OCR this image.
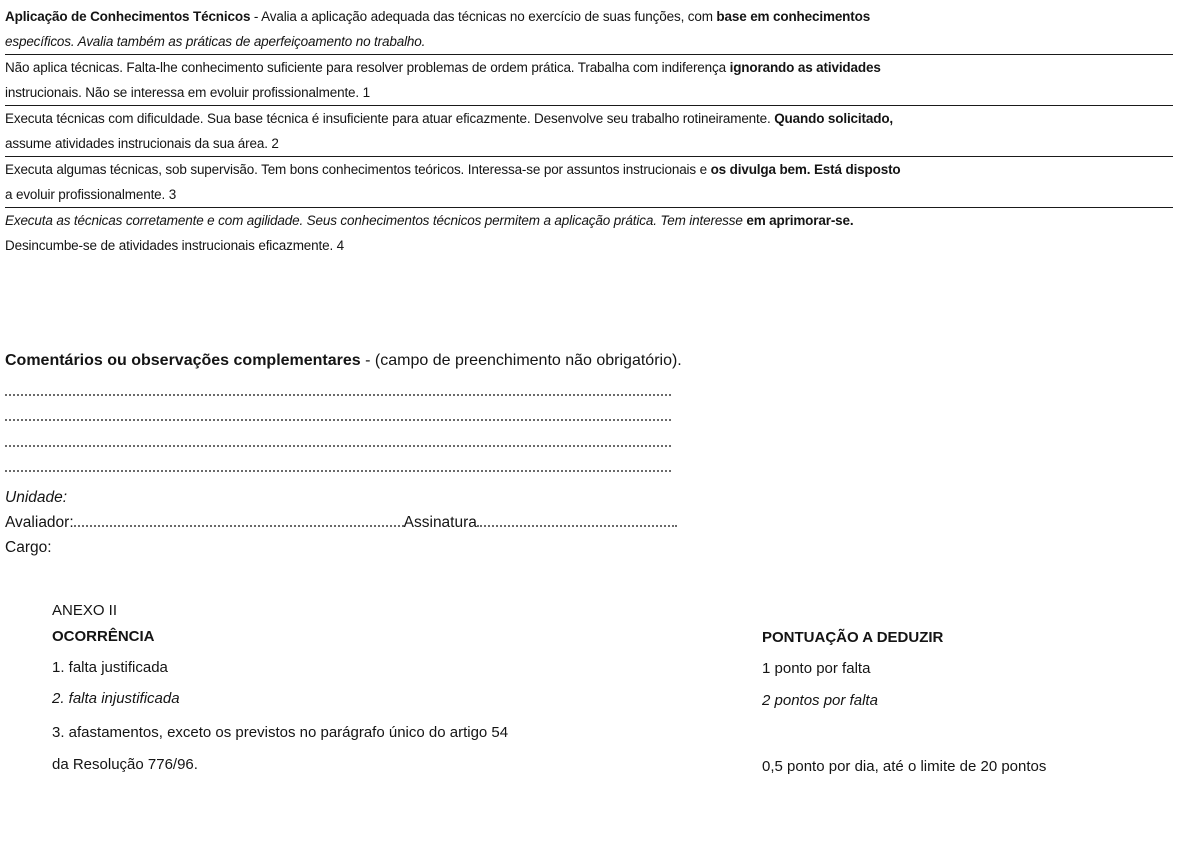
Aplicação de Conhecimentos Técnicos - Avalia a aplicação adequada das técnicas no exercício de suas funções, com base em conhecimentos
específicos. Avalia também as práticas de aperfeiçoamento no trabalho.
Não aplica técnicas. Falta-lhe conhecimento suficiente para resolver problemas de ordem prática. Trabalha com indiferença ignorando as atividades
instrucionais. Não se interessa em evoluir profissionalmente. 1
Executa técnicas com dificuldade. Sua base técnica é insuficiente para atuar eficazmente. Desenvolve seu trabalho rotineiramente. Quando solicitado,
assume atividades instrucionais da sua área. 2
Executa algumas técnicas, sob supervisão. Tem bons conhecimentos teóricos. Interessa-se por assuntos instrucionais e os divulga bem. Está disposto
a evoluir profissionalmente. 3
Executa as técnicas corretamente e com agilidade. Seus conhecimentos técnicos permitem a aplicação prática. Tem interesse em aprimorar-se.
Desincumbe-se de atividades instrucionais eficazmente. 4
Comentários ou observações complementares - (campo de preenchimento não obrigatório).
Unidade:
Avaliador:	Assinatura
Cargo:
ANEXO II
OCORRÊNCIA	PONTUAÇÃO A DEDUZIR
1. falta justificada	1 ponto por falta
2. falta injustificada	2 pontos por falta
3. afastamentos, exceto os previstos no parágrafo único do artigo 54
da Resolução 776/96.	0,5 ponto por dia, até o limite de 20 pontos
